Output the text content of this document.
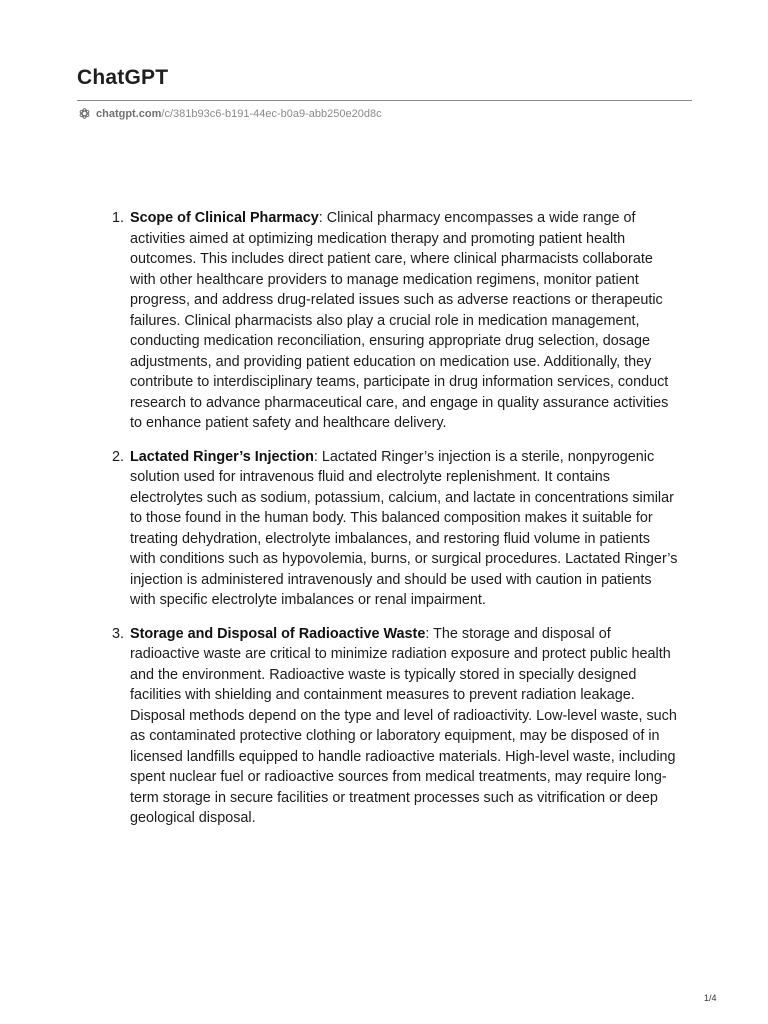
ChatGPT
chatgpt.com /c/381b93c6-b191-44ec-b0a9-abb250e20d8c
1. Scope of Clinical Pharmacy: Clinical pharmacy encompasses a wide range of activities aimed at optimizing medication therapy and promoting patient health outcomes. This includes direct patient care, where clinical pharmacists collaborate with other healthcare providers to manage medication regimens, monitor patient progress, and address drug-related issues such as adverse reactions or therapeutic failures. Clinical pharmacists also play a crucial role in medication management, conducting medication reconciliation, ensuring appropriate drug selection, dosage adjustments, and providing patient education on medication use. Additionally, they contribute to interdisciplinary teams, participate in drug information services, conduct research to advance pharmaceutical care, and engage in quality assurance activities to enhance patient safety and healthcare delivery.
2. Lactated Ringer’s Injection: Lactated Ringer’s injection is a sterile, nonpyrogenic solution used for intravenous fluid and electrolyte replenishment. It contains electrolytes such as sodium, potassium, calcium, and lactate in concentrations similar to those found in the human body. This balanced composition makes it suitable for treating dehydration, electrolyte imbalances, and restoring fluid volume in patients with conditions such as hypovolemia, burns, or surgical procedures. Lactated Ringer’s injection is administered intravenously and should be used with caution in patients with specific electrolyte imbalances or renal impairment.
3. Storage and Disposal of Radioactive Waste: The storage and disposal of radioactive waste are critical to minimize radiation exposure and protect public health and the environment. Radioactive waste is typically stored in specially designed facilities with shielding and containment measures to prevent radiation leakage. Disposal methods depend on the type and level of radioactivity. Low-level waste, such as contaminated protective clothing or laboratory equipment, may be disposed of in licensed landfills equipped to handle radioactive materials. High-level waste, including spent nuclear fuel or radioactive sources from medical treatments, may require long-term storage in secure facilities or treatment processes such as vitrification or deep geological disposal.
1/4
